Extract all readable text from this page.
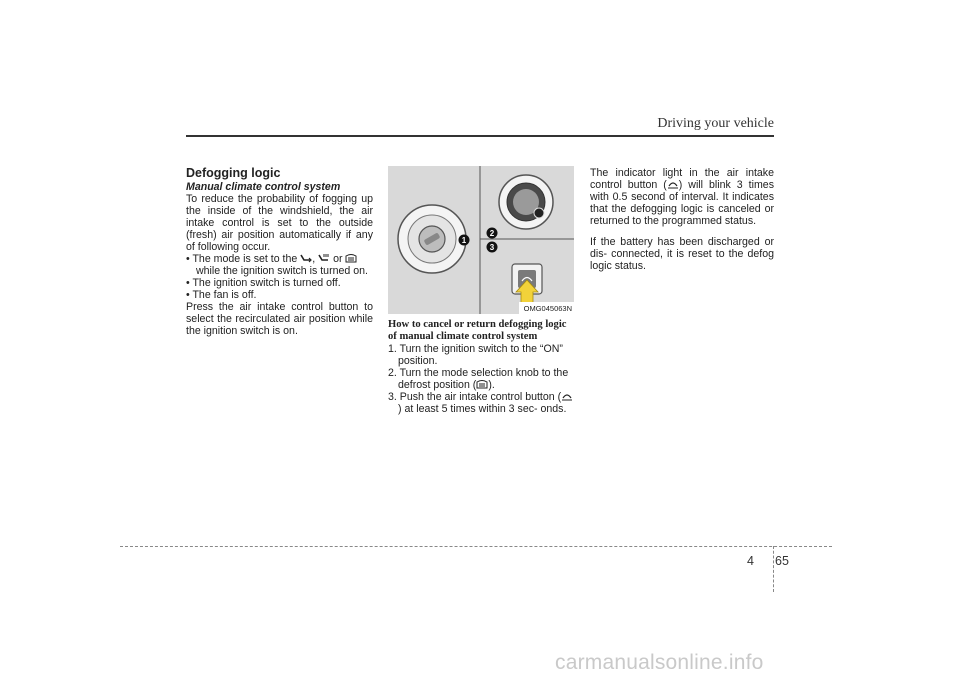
Driving your vehicle

Defogging logic

Manual climate control system

To reduce the probability of fogging up the inside of the windshield, the air intake control is set to the outside (fresh) air position automatically if any of following occur.

• The mode is set to the , or  while the ignition switch is turned on.

• The ignition switch is turned off.

• The fan is off.

Press the air intake control button to select the recirculated air position while the ignition switch is on.

1
2
3
OMG045063N

How to cancel or return defogging logic of manual climate control system

1. Turn the ignition switch to the “ON” position.

2. Turn the mode selection knob to the defrost position ( ).

3. Push the air intake control button () at least 5 times within 3 sec- onds.

The indicator light in the air intake control button ( ) will blink 3 times with 0.5 second of interval. It indicates that the defogging logic is canceled or returned to the programmed status.

If the battery has been discharged or dis- connected, it is reset to the defog logic status.

4 65
carmanualsonline.info
